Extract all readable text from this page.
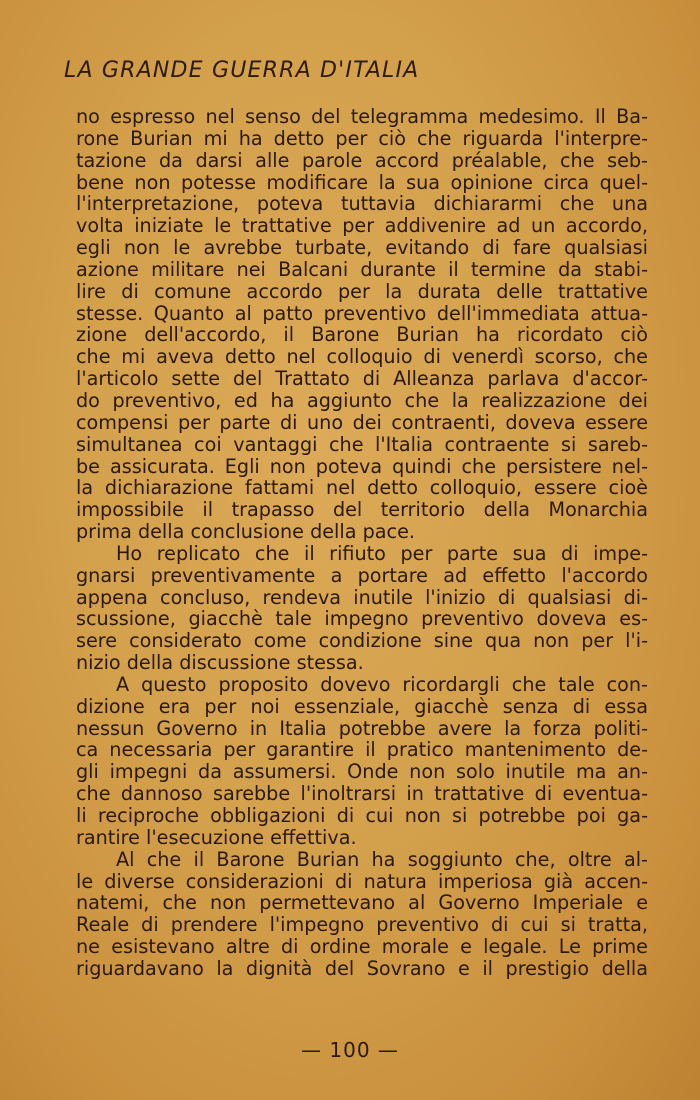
LA GRANDE GUERRA D'ITALIA
no espresso nel senso del telegramma medesimo. Il Ba-
rone Burian mi ha detto per ciò che riguarda l'interpre-
tazione da darsi alle parole accord préalable, che seb-
bene non potesse modificare la sua opinione circa quel-
l'interpretazione, poteva tuttavia dichiararmi che una
volta iniziate le trattative per addivenire ad un accordo,
egli non le avrebbe turbate, evitando di fare qualsiasi
azione militare nei Balcani durante il termine da stabi-
lire di comune accordo per la durata delle trattative
stesse. Quanto al patto preventivo dell'immediata attua-
zione dell'accordo, il Barone Burian ha ricordato ciò
che mi aveva detto nel colloquio di venerdì scorso, che
l'articolo sette del Trattato di Alleanza parlava d'accor-
do preventivo, ed ha aggiunto che la realizzazione dei
compensi per parte di uno dei contraenti, doveva essere
simultanea coi vantaggi che l'Italia contraente si sareb-
be assicurata. Egli non poteva quindi che persistere nel-
la dichiarazione fattami nel detto colloquio, essere cioè
impossibile il trapasso del territorio della Monarchia
prima della conclusione della pace.
Ho replicato che il rifiuto per parte sua di impe-
gnarsi preventivamente a portare ad effetto l'accordo
appena concluso, rendeva inutile l'inizio di qualsiasi di-
scussione, giacchè tale impegno preventivo doveva es-
sere considerato come condizione sine qua non per l'i-
nizio della discussione stessa.
A questo proposito dovevo ricordargli che tale con-
dizione era per noi essenziale, giacchè senza di essa
nessun Governo in Italia potrebbe avere la forza politi-
ca necessaria per garantire il pratico mantenimento de-
gli impegni da assumersi. Onde non solo inutile ma an-
che dannoso sarebbe l'inoltrarsi in trattative di eventua-
li reciproche obbligazioni di cui non si potrebbe poi ga-
rantire l'esecuzione effettiva.
Al che il Barone Burian ha soggiunto che, oltre al-
le diverse considerazioni di natura imperiosa già accen-
natemi, che non permettevano al Governo Imperiale e
Reale di prendere l'impegno preventivo di cui si tratta,
ne esistevano altre di ordine morale e legale. Le prime
riguardavano la dignità del Sovrano e il prestigio della
— 100 —
